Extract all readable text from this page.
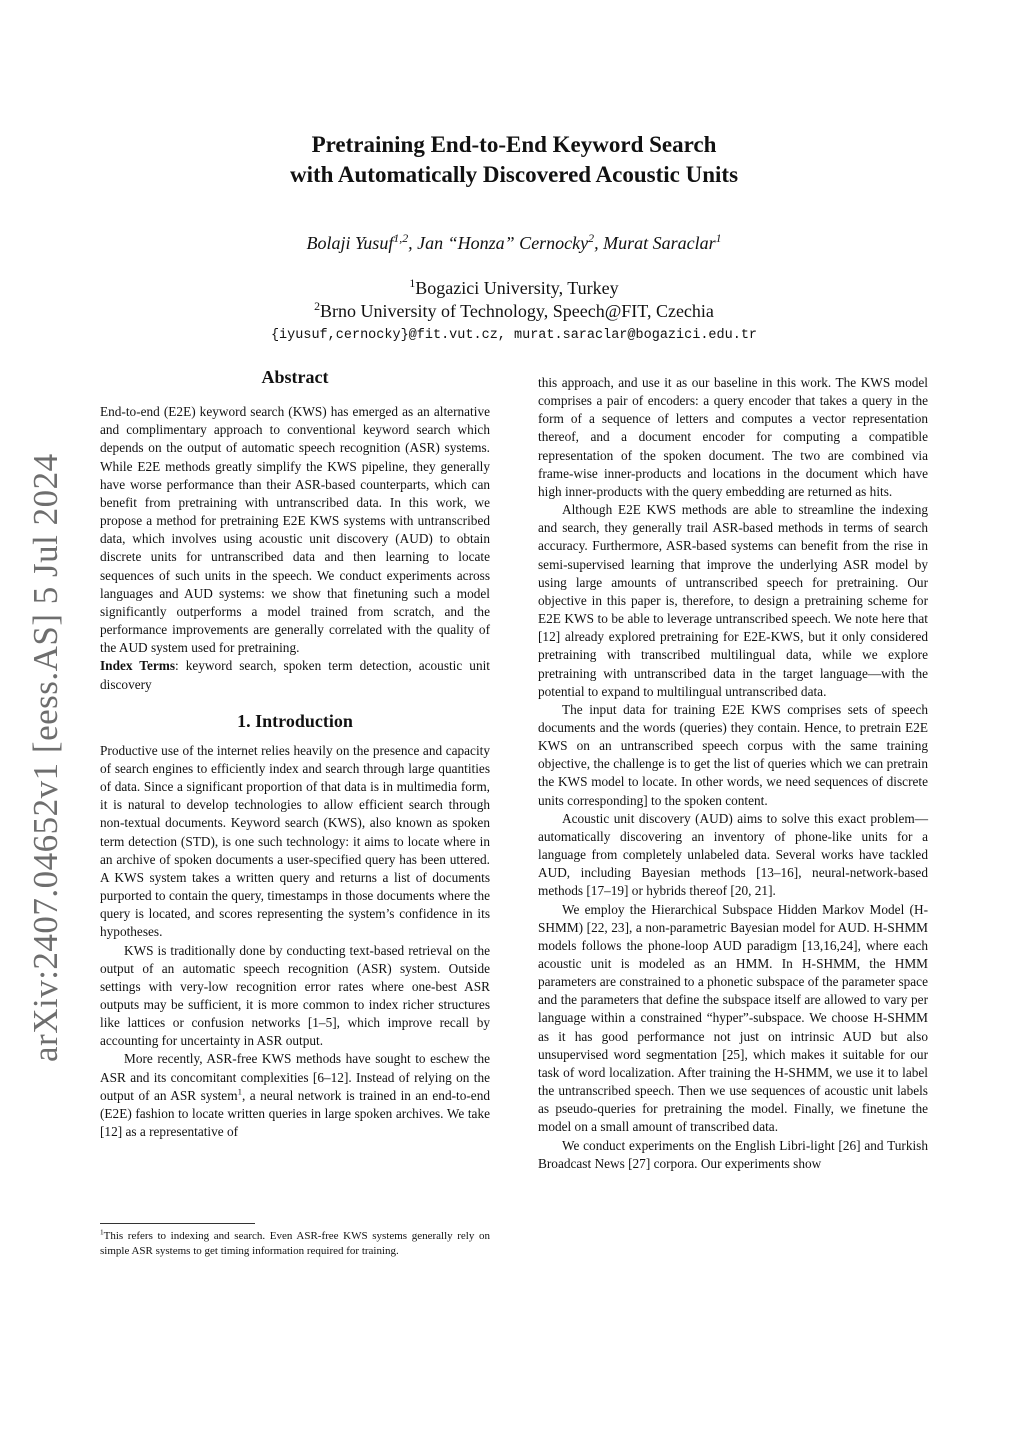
arXiv:2407.04652v1 [eess.AS] 5 Jul 2024
Pretraining End-to-End Keyword Search
with Automatically Discovered Acoustic Units
Bolaji Yusuf$^{1,2}$, Jan “Honza” Cernocky$^2$, Murat Saraclar$^1$
$^1$Bogazici University, Turkey
$^2$Brno University of Technology, Speech@FIT, Czechia
{iyusuf,cernocky}@fit.vut.cz, murat.saraclar@bogazici.edu.tr
Abstract

End-to-end (E2E) keyword search (KWS) has emerged as an alternative and complimentary approach to conventional keyword search which depends on the output of automatic speech recognition (ASR) systems. While E2E methods greatly simplify the KWS pipeline, they generally have worse performance than their ASR-based counterparts, which can benefit from pretraining with untranscribed data. In this work, we propose a method for pretraining E2E KWS systems with untranscribed data, which involves using acoustic unit discovery (AUD) to obtain discrete units for untranscribed data and then learning to locate sequences of such units in the speech. We conduct experiments across languages and AUD systems: we show that finetuning such a model significantly outperforms a model trained from scratch, and the performance improvements are generally correlated with the quality of the AUD system used for pretraining.

Index Terms: keyword search, spoken term detection, acoustic unit discovery

1. Introduction

Productive use of the internet relies heavily on the presence and capacity of search engines to efficiently index and search through large quantities of data. Since a significant proportion of that data is in multimedia form, it is natural to develop technologies to allow efficient search through non-textual documents. Keyword search (KWS), also known as spoken term detection (STD), is one such technology: it aims to locate where in an archive of spoken documents a user-specified query has been uttered. A KWS system takes a written query and returns a list of documents purported to contain the query, timestamps in those documents where the query is located, and scores representing the system’s confidence in its hypotheses.

KWS is traditionally done by conducting text-based retrieval on the output of an automatic speech recognition (ASR) system. Outside settings with very-low recognition error rates where one-best ASR outputs may be sufficient, it is more common to index richer structures like lattices or confusion networks [1–5], which improve recall by accounting for uncertainty in ASR output.

More recently, ASR-free KWS methods have sought to eschew the ASR and its concomitant complexities [6–12]. Instead of relying on the output of an ASR system$^1$, a neural network is trained in an end-to-end (E2E) fashion to locate written queries in large spoken archives. We take [12] as a representative of

$^1$This refers to indexing and search. Even ASR-free KWS systems generally rely on simple ASR systems to get timing information required for training.

this approach, and use it as our baseline in this work. The KWS model comprises a pair of encoders: a query encoder that takes a query in the form of a sequence of letters and computes a vector representation thereof, and a document encoder for computing a compatible representation of the spoken document. The two are combined via frame-wise inner-products and locations in the document which have high inner-products with the query embedding are returned as hits.

Although E2E KWS methods are able to streamline the indexing and search, they generally trail ASR-based methods in terms of search accuracy. Furthermore, ASR-based systems can benefit from the rise in semi-supervised learning that improve the underlying ASR model by using large amounts of untranscribed speech for pretraining. Our objective in this paper is, therefore, to design a pretraining scheme for E2E KWS to be able to leverage untranscribed speech. We note here that [12] already explored pretraining for E2E-KWS, but it only considered pretraining with transcribed multilingual data, while we explore pretraining with untranscribed data in the target language—with the potential to expand to multilingual untranscribed data.

The input data for training E2E KWS comprises sets of speech documents and the words (queries) they contain. Hence, to pretrain E2E KWS on an untranscribed speech corpus with the same training objective, the challenge is to get the list of queries which we can pretrain the KWS model to locate. In other words, we need sequences of discrete units corresponding] to the spoken content.

Acoustic unit discovery (AUD) aims to solve this exact problem—automatically discovering an inventory of phone-like units for a language from completely unlabeled data. Several works have tackled AUD, including Bayesian methods [13–16], neural-network-based methods [17–19] or hybrids thereof [20, 21].

We employ the Hierarchical Subspace Hidden Markov Model (H-SHMM) [22, 23], a non-parametric Bayesian model for AUD. H-SHMM models follows the phone-loop AUD paradigm [13,16,24], where each acoustic unit is modeled as an HMM. In H-SHMM, the HMM parameters are constrained to a phonetic subspace of the parameter space and the parameters that define the subspace itself are allowed to vary per language within a constrained “hyper”-subspace. We choose H-SHMM as it has good performance not just on intrinsic AUD but also unsupervised word segmentation [25], which makes it suitable for our task of word localization. After training the H-SHMM, we use it to label the untranscribed speech. Then we use sequences of acoustic unit labels as pseudo-queries for pretraining the model. Finally, we finetune the model on a small amount of transcribed data.

We conduct experiments on the English Libri-light [26] and Turkish Broadcast News [27] corpora. Our experiments show
